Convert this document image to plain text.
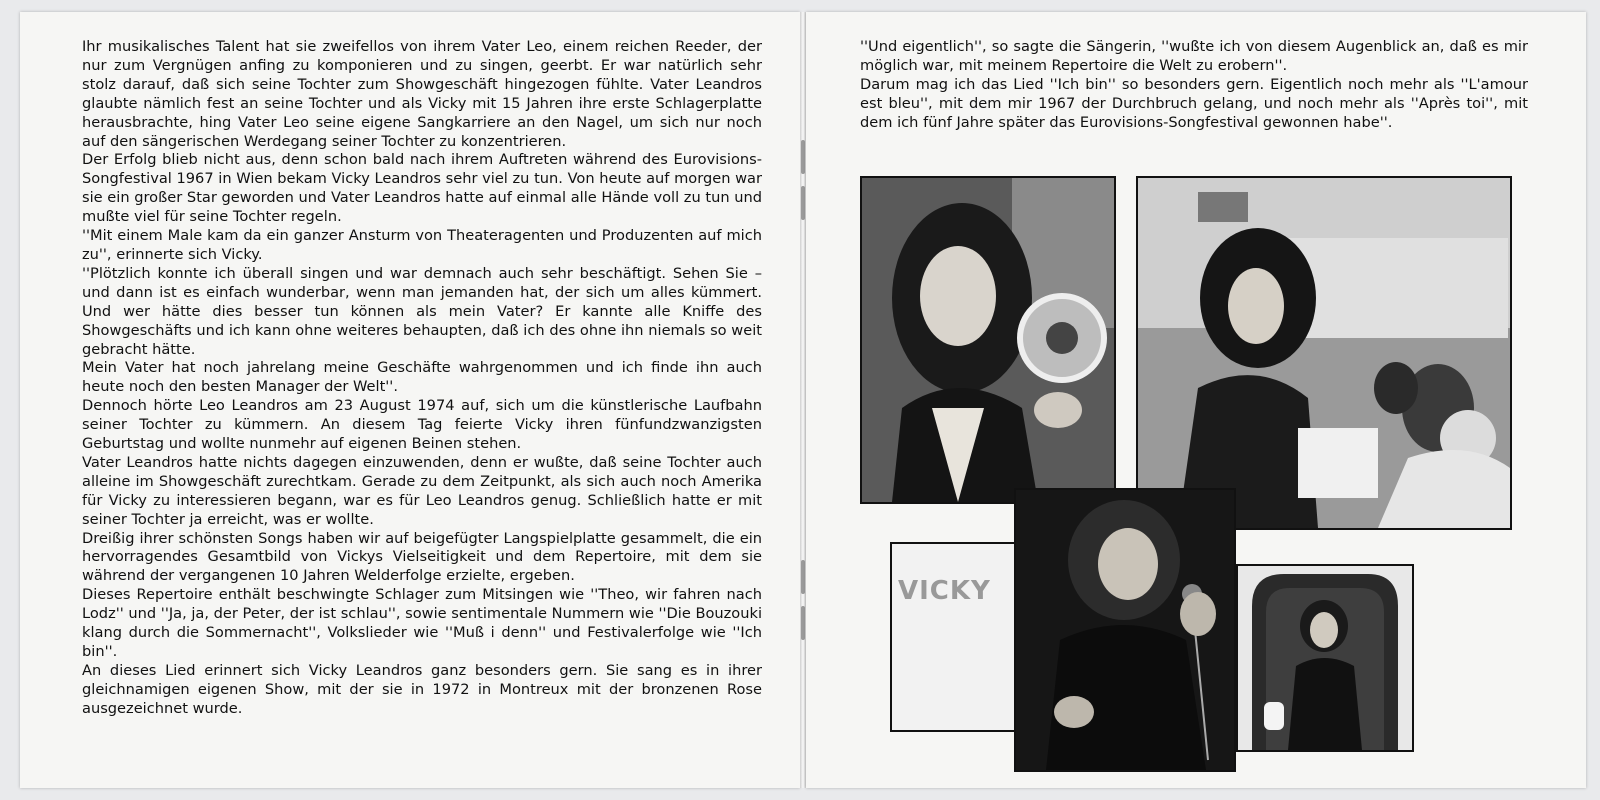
Ihr musikalisches Talent hat sie zweifellos von ihrem Vater Leo, einem reichen Reeder, der nur zum Vergnügen anfing zu komponieren und zu singen, geerbt. Er war natürlich sehr stolz darauf, daß sich seine Tochter zum Showgeschäft hingezogen fühlte. Vater Leandros glaubte nämlich fest an seine Tochter und als Vicky mit 15 Jahren ihre erste Schlagerplatte herausbrachte, hing Vater Leo seine eigene Sangkarriere an den Nagel, um sich nur noch auf den sängerischen Werdegang seiner Tochter zu konzentrieren.

Der Erfolg blieb nicht aus, denn schon bald nach ihrem Auftreten während des Eurovisions-Songfestival 1967 in Wien bekam Vicky Leandros sehr viel zu tun. Von heute auf morgen war sie ein großer Star geworden und Vater Leandros hatte auf einmal alle Hände voll zu tun und mußte viel für seine Tochter regeln.

''Mit einem Male kam da ein ganzer Ansturm von Theateragenten und Produzenten auf mich zu'', erinnerte sich Vicky.

''Plötzlich konnte ich überall singen und war demnach auch sehr beschäftigt. Sehen Sie – und dann ist es einfach wunderbar, wenn man jemanden hat, der sich um alles kümmert. Und wer hätte dies besser tun können als mein Vater? Er kannte alle Kniffe des Showgeschäfts und ich kann ohne weiteres behaupten, daß ich des ohne ihn niemals so weit gebracht hätte.

Mein Vater hat noch jahrelang meine Geschäfte wahrgenommen und ich finde ihn auch heute noch den besten Manager der Welt''.

Dennoch hörte Leo Leandros am 23 August 1974 auf, sich um die künstlerische Laufbahn seiner Tochter zu kümmern. An diesem Tag feierte Vicky ihren fünfundzwanzigsten Geburtstag und wollte nunmehr auf eigenen Beinen stehen.

Vater Leandros hatte nichts dagegen einzuwenden, denn er wußte, daß seine Tochter auch alleine im Showgeschäft zurechtkam. Gerade zu dem Zeitpunkt, als sich auch noch Amerika für Vicky zu interessieren begann, war es für Leo Leandros genug. Schließlich hatte er mit seiner Tochter ja erreicht, was er wollte.

Dreißig ihrer schönsten Songs haben wir auf beigefügter Langspielplatte gesammelt, die ein hervorragendes Gesamtbild von Vickys Vielseitigkeit und dem Repertoire, mit dem sie während der vergangenen 10 Jahren Welderfolge erzielte, ergeben.

Dieses Repertoire enthält beschwingte Schlager zum Mitsingen wie ''Theo, wir fahren nach Lodz'' und ''Ja, ja, der Peter, der ist schlau'', sowie sentimentale Nummern wie ''Die Bouzouki klang durch die Sommernacht'', Volkslieder wie ''Muß i denn'' und Festivalerfolge wie ''Ich bin''.

An dieses Lied erinnert sich Vicky Leandros ganz besonders gern. Sie sang es in ihrer gleichnamigen eigenen Show, mit der sie in 1972 in Montreux mit der bronzenen Rose ausgezeichnet wurde.

''Und eigentlich'', so sagte die Sängerin, ''wußte ich von diesem Augenblick an, daß es mir möglich war, mit meinem Repertoire die Welt zu erobern''.

Darum mag ich das Lied ''Ich bin'' so besonders gern. Eigentlich noch mehr als ''L'amour est bleu'', mit dem mir 1967 der Durchbruch gelang, und noch mehr als ''Après toi'', mit dem ich fünf Jahre später das Eurovisions-Songfestival gewonnen habe''.

VICKY
